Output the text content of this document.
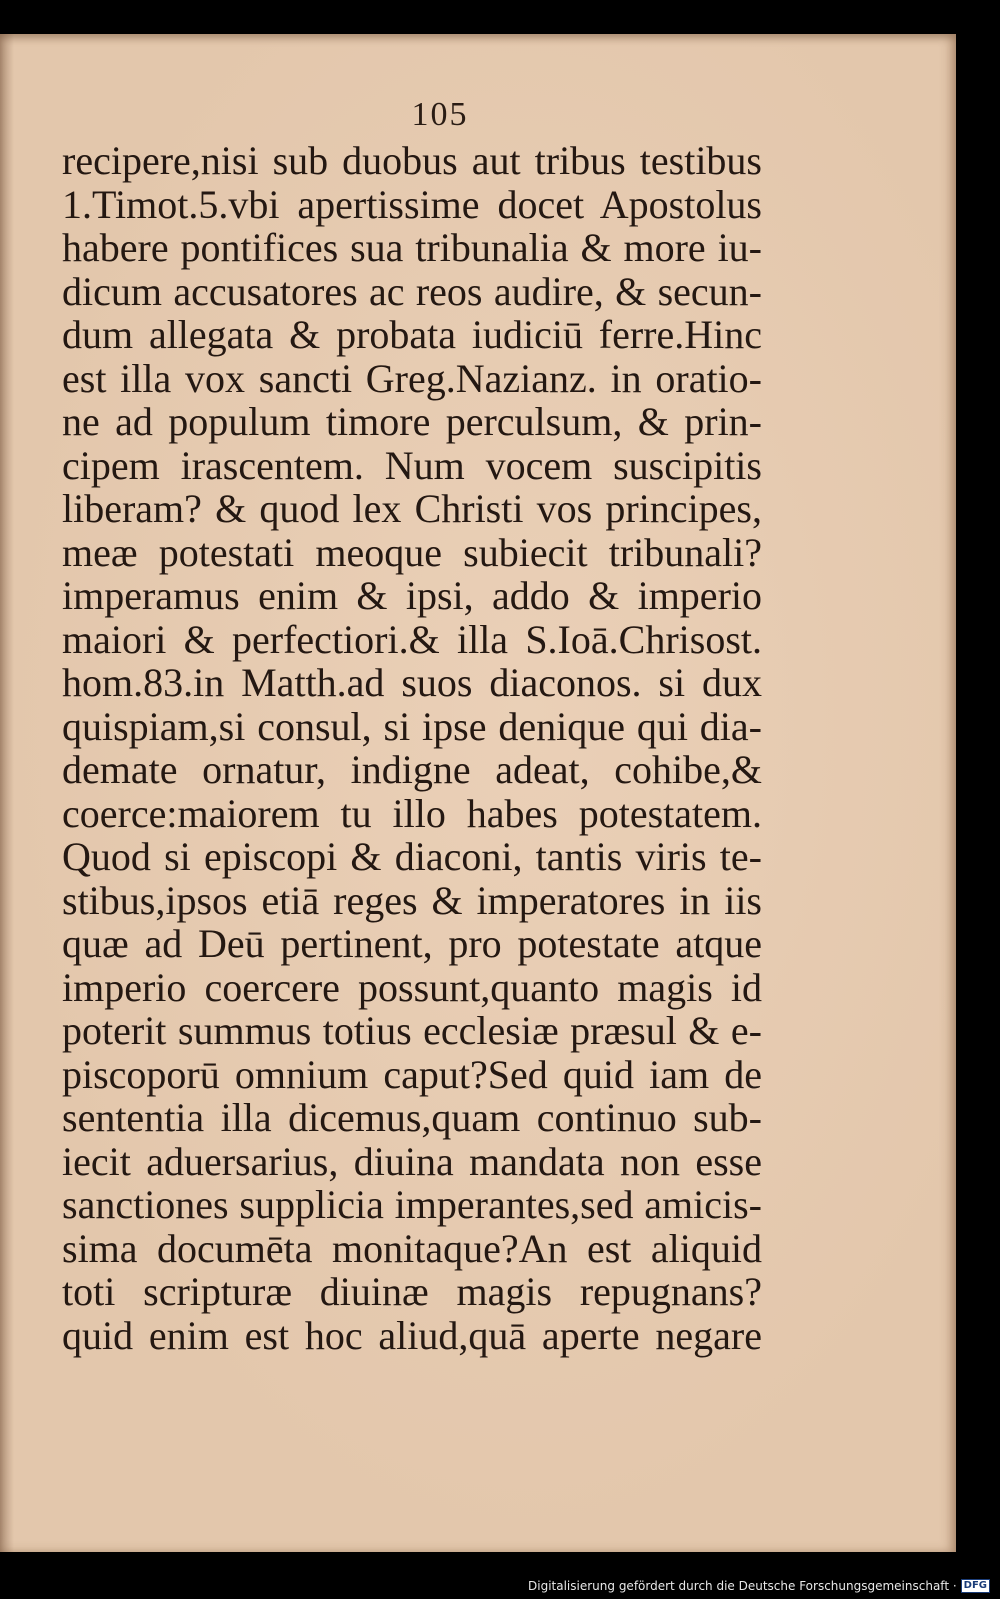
105
recipere,nisi sub duobus aut tribus testibus
1.Timot.5.vbi apertissime docet Apostolus
habere pontifices sua tribunalia & more iu-
dicum accusatores ac reos audire, & secun-
dum allegata & probata iudiciū ferre.Hinc
est illa vox sancti Greg.Nazianz. in oratio-
ne ad populum timore perculsum, & prin-
cipem irascentem. Num vocem suscipitis
liberam? & quod lex Christi vos principes,
meæ potestati meoque subiecit tribunali?
imperamus enim & ipsi, addo & imperio
maiori & perfectiori.& illa S.Ioā.Chrisost.
hom.83.in Matth.ad suos diaconos. si dux
quispiam,si consul, si ipse denique qui dia-
demate ornatur, indigne adeat, cohibe,&
coerce:maiorem tu illo habes potestatem.
Quod si episcopi & diaconi, tantis viris te-
stibus,ipsos etiā reges & imperatores in iis
quæ ad Deū pertinent, pro potestate atque
imperio coercere possunt,quanto magis id
poterit summus totius ecclesiæ præsul & e-
piscoporū omnium caput?Sed quid iam de
sententia illa dicemus,quam continuo sub-
iecit aduersarius, diuina mandata non esse
sanctiones supplicia imperantes,sed amicis-
sima documēta monitaque?An est aliquid
toti scripturæ diuinæ magis repugnans?
quid enim est hoc aliud,quā aperte negare
Digitalisierung gefördert durch die Deutsche Forschungsgemeinschaft · DFG
